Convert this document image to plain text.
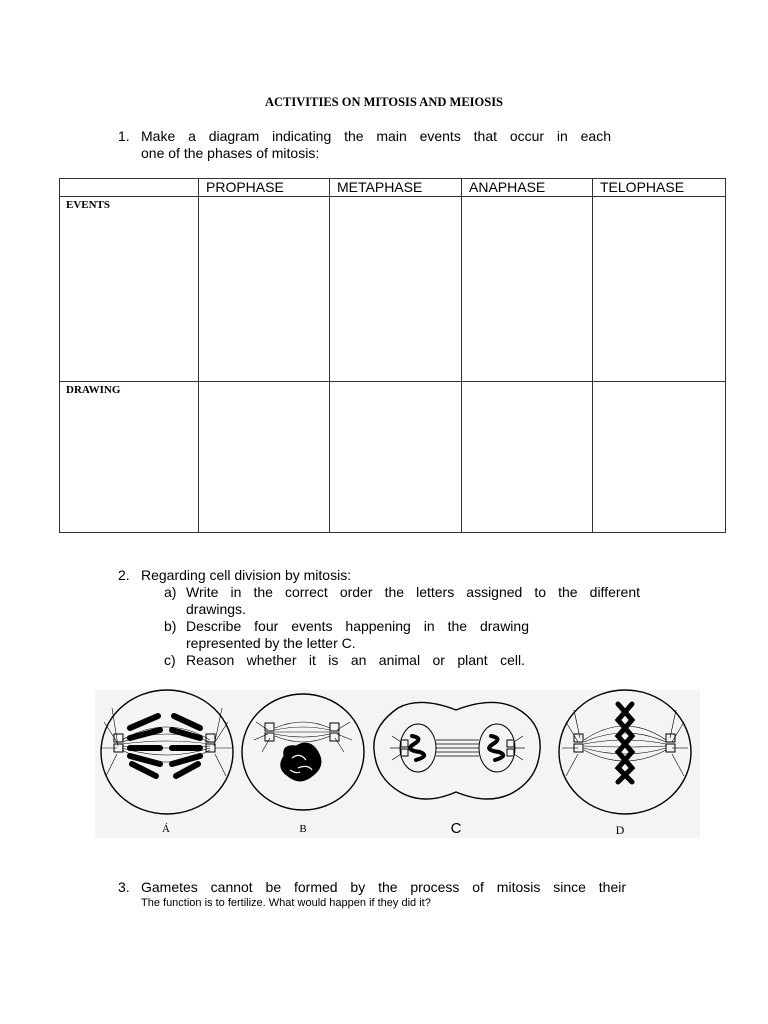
ACTIVITIES ON MITOSIS AND MEIOSIS
1. Make a diagram indicating the main events that occur in each
one of the phases of mitosis:
	PROPHASE	METAPHASE	ANAPHASE	TELOPHASE
EVENTS				
DRAWING				
2. Regarding cell division by mitosis:
a) Write in the correct order the letters assigned to the different
drawings.
b) Describe four events happening in the drawing
represented by the letter C.
c) Reason whether it is an animal or plant cell.
Á	B	C	D
3. Gametes cannot be formed by the process of mitosis since their
The function is to fertilize. What would happen if they did it?
